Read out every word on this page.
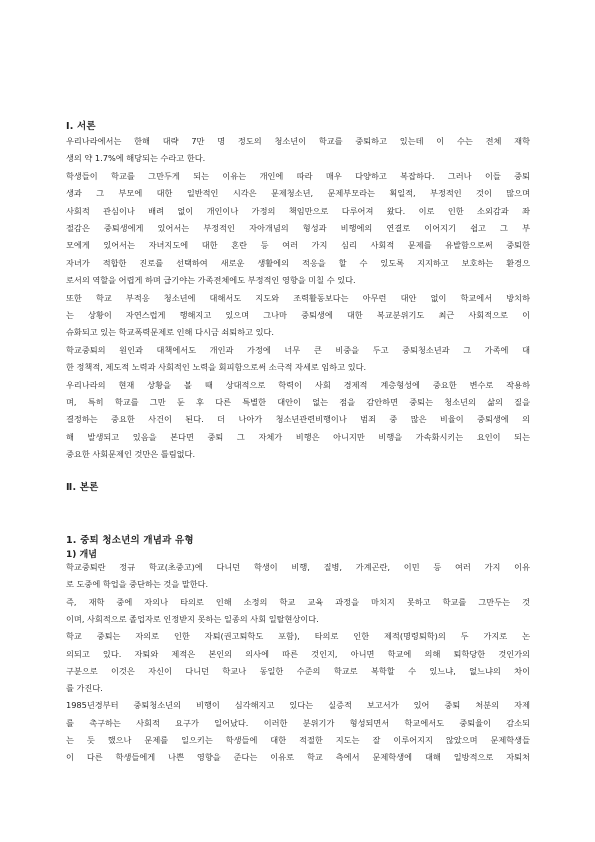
Ⅰ. 서론
우리나라에서는 한해 대략 7만 명 정도의 청소년이 학교를 중퇴하고 있는데 이 수는 전체 재학
생의 약 1.7%에 해당되는 수라고 한다.
학생들이 학교를 그만두게 되는 이유는 개인에 따라 매우 다양하고 복잡하다. 그러나 이들 중퇴
생과 그 부모에 대한 일반적인 시각은 문제청소년, 문제부모라는 획일적, 부정적인 것이 많으며
사회적 관심이나 배려 없이 개인이나 가정의 책임만으로 다루어져 왔다. 이로 인한 소외감과 좌
절감은 중퇴생에게 있어서는 부정적인 자아개념의 형성과 비행에의 연결로 이어지기 쉽고 그 부
모에게 있어서는 자녀지도에 대한 혼란 등 여러 가지 심리 사회적 문제를 유발함으로써 중퇴한
자녀가 적합한 진로를 선택하여 새로운 생활에의 적응을 할 수 있도록 지지하고 보호하는 환경으
로서의 역할을 어렵게 하며 급기야는 가족전체에도 부정적인 영향을 미칠 수 있다.
또한 학교 부적응 청소년에 대해서도 지도와 조력활동보다는 아무런 대안 없이 학교에서 방치하
는 상황이 자연스럽게 행해지고 있으며 그나마 중퇴생에 대한 복교분위기도 최근 사회적으로 이
슈화되고 있는 학교폭력문제로 인해 다시금 쇠퇴하고 있다.
학교중퇴의 원인과 대책에서도 개인과 가정에 너무 큰 비중을 두고 중퇴청소년과 그 가족에 대
한 정책적, 제도적 노력과 사회적인 노력을 회피함으로써 소극적 자세로 임하고 있다.
우리나라의 현재 상황을 볼 때 상대적으로 학력이 사회 경제적 계층형성에 중요한 변수로 작용하
며, 특히 학교를 그만 둔 후 다른 특별한 대안이 없는 점을 감안하면 중퇴는 청소년의 삶의 질을
결정하는 중요한 사건이 된다. 더 나아가 청소년관련비행이나 범죄 중 많은 비율이 중퇴생에 의
해 발생되고 있음을 본다면 중퇴 그 자체가 비행은 아니지만 비행을 가속화시키는 요인이 되는
중요한 사회문제인 것만은 틀림없다.
Ⅱ. 본론
1. 중퇴 청소년의 개념과 유형
1) 개념
학교중퇴란 정규 학교(초중고)에 다니던 학생이 비행, 질병, 가계곤란, 이민 등 여러 가지 이유
로 도중에 학업을 중단하는 것을 말한다.
즉, 재학 중에 자의나 타의로 인해 소정의 학교 교육 과정을 마치지 못하고 학교를 그만두는 것
이며, 사회적으로 졸업자로 인정받지 못하는 일종의 사회 일탈현상이다.
학교 중퇴는 자의로 인한 자퇴(권고퇴학도 포함), 타의로 인한 제적(명령퇴학)의 두 가지로 논
의되고 있다. 자퇴와 제적은 본인의 의사에 따른 것인지, 아니면 학교에 의해 퇴학당한 것인가의
구분으로 이것은 자신이 다니던 학교나 동일한 수준의 학교로 복학할 수 있느냐, 없느냐의 차이
를 가진다.
1985년경부터 중퇴청소년의 비행이 심각해지고 있다는 실증적 보고서가 있어 중퇴 처분의 자제
를 촉구하는 사회적 요구가 일어났다. 이러한 분위기가 형성되면서 학교에서도 중퇴율이 감소되
는 듯 했으나 문제를 일으키는 학생들에 대한 적절한 지도는 잘 이루어지지 않았으며 문제학생들
이 다른 학생들에게 나쁜 영향을 준다는 이유로 학교 측에서 문제학생에 대해 일방적으로 자퇴처
